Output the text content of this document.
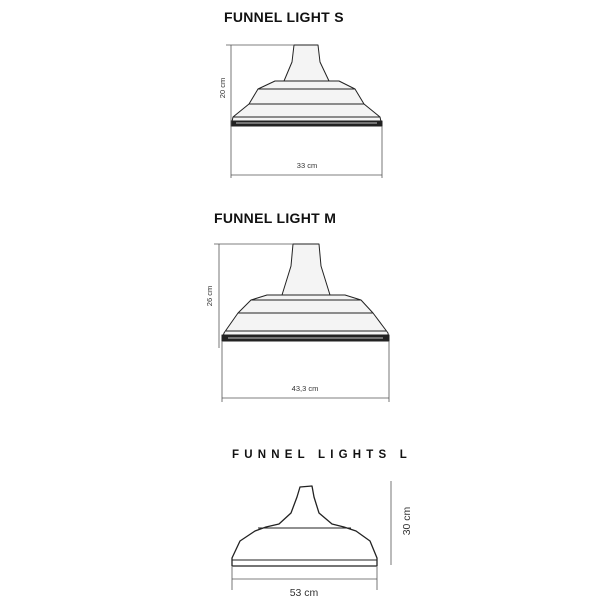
FUNNEL LIGHT S
FUNNEL LIGHT M
FUNNEL LIGHTS L
20 cm
33 cm
26 cm
43,3 cm
30 cm
53 cm
